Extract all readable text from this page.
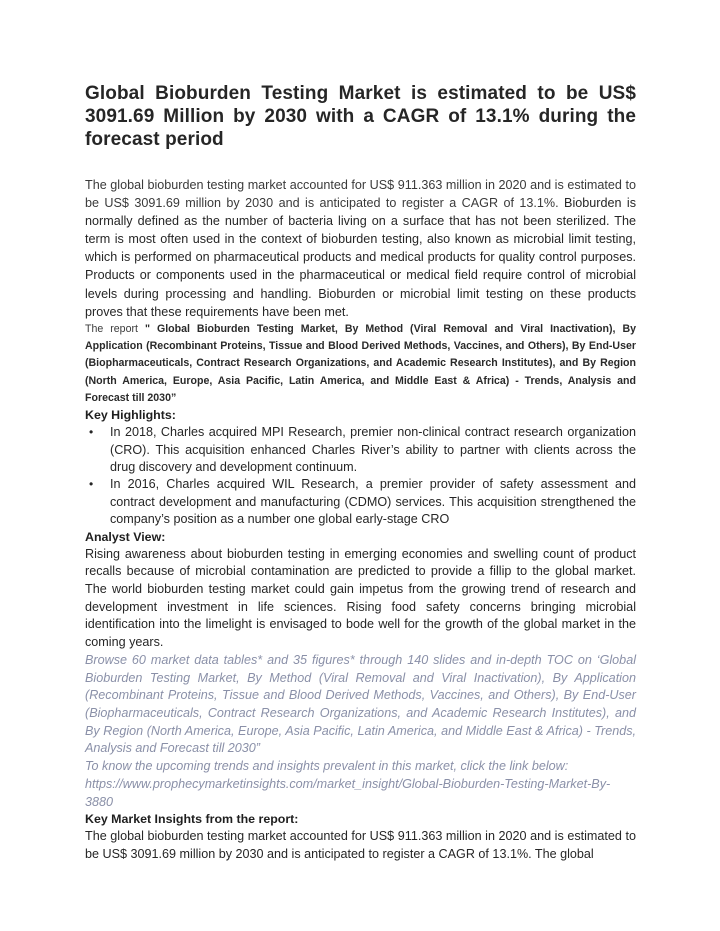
Global Bioburden Testing Market is estimated to be US$ 3091.69 Million by 2030 with a CAGR of 13.1% during the forecast period

The global bioburden testing market accounted for US$ 911.363 million in 2020 and is estimated to be US$ 3091.69 million by 2030 and is anticipated to register a CAGR of 13.1%. Bioburden is normally defined as the number of bacteria living on a surface that has not been sterilized. The term is most often used in the context of bioburden testing, also known as microbial limit testing, which is performed on pharmaceutical products and medical products for quality control purposes. Products or components used in the pharmaceutical or medical field require control of microbial levels during processing and handling. Bioburden or microbial limit testing on these products proves that these requirements have been met.

The report " Global Bioburden Testing Market, By Method (Viral Removal and Viral Inactivation), By Application (Recombinant Proteins, Tissue and Blood Derived Methods, Vaccines, and Others), By End-User (Biopharmaceuticals, Contract Research Organizations, and Academic Research Institutes), and By Region (North America, Europe, Asia Pacific, Latin America, and Middle East & Africa) - Trends, Analysis and Forecast till 2030”

Key Highlights:

• In 2018, Charles acquired MPI Research, premier non-clinical contract research organization (CRO). This acquisition enhanced Charles River’s ability to partner with clients across the drug discovery and development continuum.
• In 2016, Charles acquired WIL Research, a premier provider of safety assessment and contract development and manufacturing (CDMO) services. This acquisition strengthened the company’s position as a number one global early-stage CRO

Analyst View:

Rising awareness about bioburden testing in emerging economies and swelling count of product recalls because of microbial contamination are predicted to provide a fillip to the global market. The world bioburden testing market could gain impetus from the growing trend of research and development investment in life sciences. Rising food safety concerns bringing microbial identification into the limelight is envisaged to bode well for the growth of the global market in the coming years.

Browse 60 market data tables* and 35 figures* through 140 slides and in-depth TOC on ‘Global Bioburden Testing Market, By Method (Viral Removal and Viral Inactivation), By Application (Recombinant Proteins, Tissue and Blood Derived Methods, Vaccines, and Others), By End-User (Biopharmaceuticals, Contract Research Organizations, and Academic Research Institutes), and By Region (North America, Europe, Asia Pacific, Latin America, and Middle East & Africa) - Trends, Analysis and Forecast till 2030”

To know the upcoming trends and insights prevalent in this market, click the link below:

https://www.prophecymarketinsights.com/market_insight/Global-Bioburden-Testing-Market-By-3880

Key Market Insights from the report:

The global bioburden testing market accounted for US$ 911.363 million in 2020 and is estimated to be US$ 3091.69 million by 2030 and is anticipated to register a CAGR of 13.1%. The global
